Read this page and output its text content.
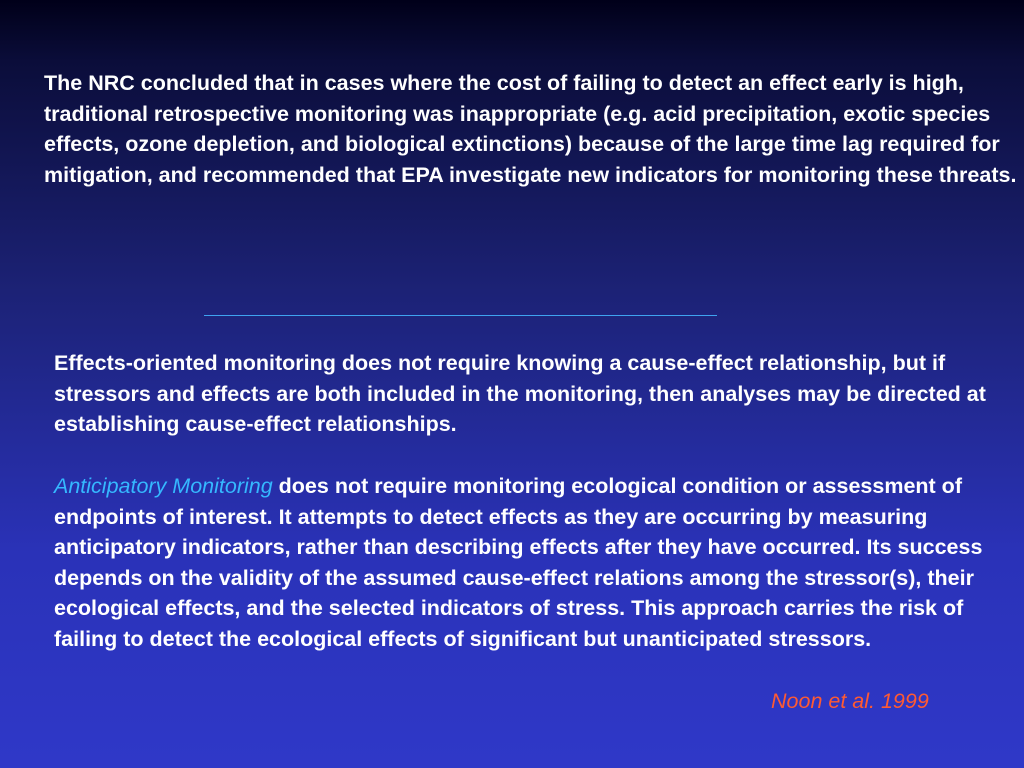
The NRC concluded that in cases where the cost of failing to detect an effect early is high, traditional retrospective monitoring was inappropriate (e.g. acid precipitation, exotic species effects, ozone depletion, and biological extinctions) because of the large time lag required for mitigation, and recommended that EPA investigate new indicators for monitoring these threats.

Effects-oriented monitoring does not require knowing a cause-effect relationship, but if stressors and effects are both included in the monitoring, then analyses may be directed at establishing cause-effect relationships.

Anticipatory Monitoring does not require monitoring ecological condition or assessment of endpoints of interest. It attempts to detect effects as they are occurring by measuring anticipatory indicators, rather than describing effects after they have occurred. Its success depends on the validity of the assumed cause-effect relations among the stressor(s), their ecological effects, and the selected indicators of stress. This approach carries the risk of failing to detect the ecological effects of significant but unanticipated stressors.

Noon et al. 1999
